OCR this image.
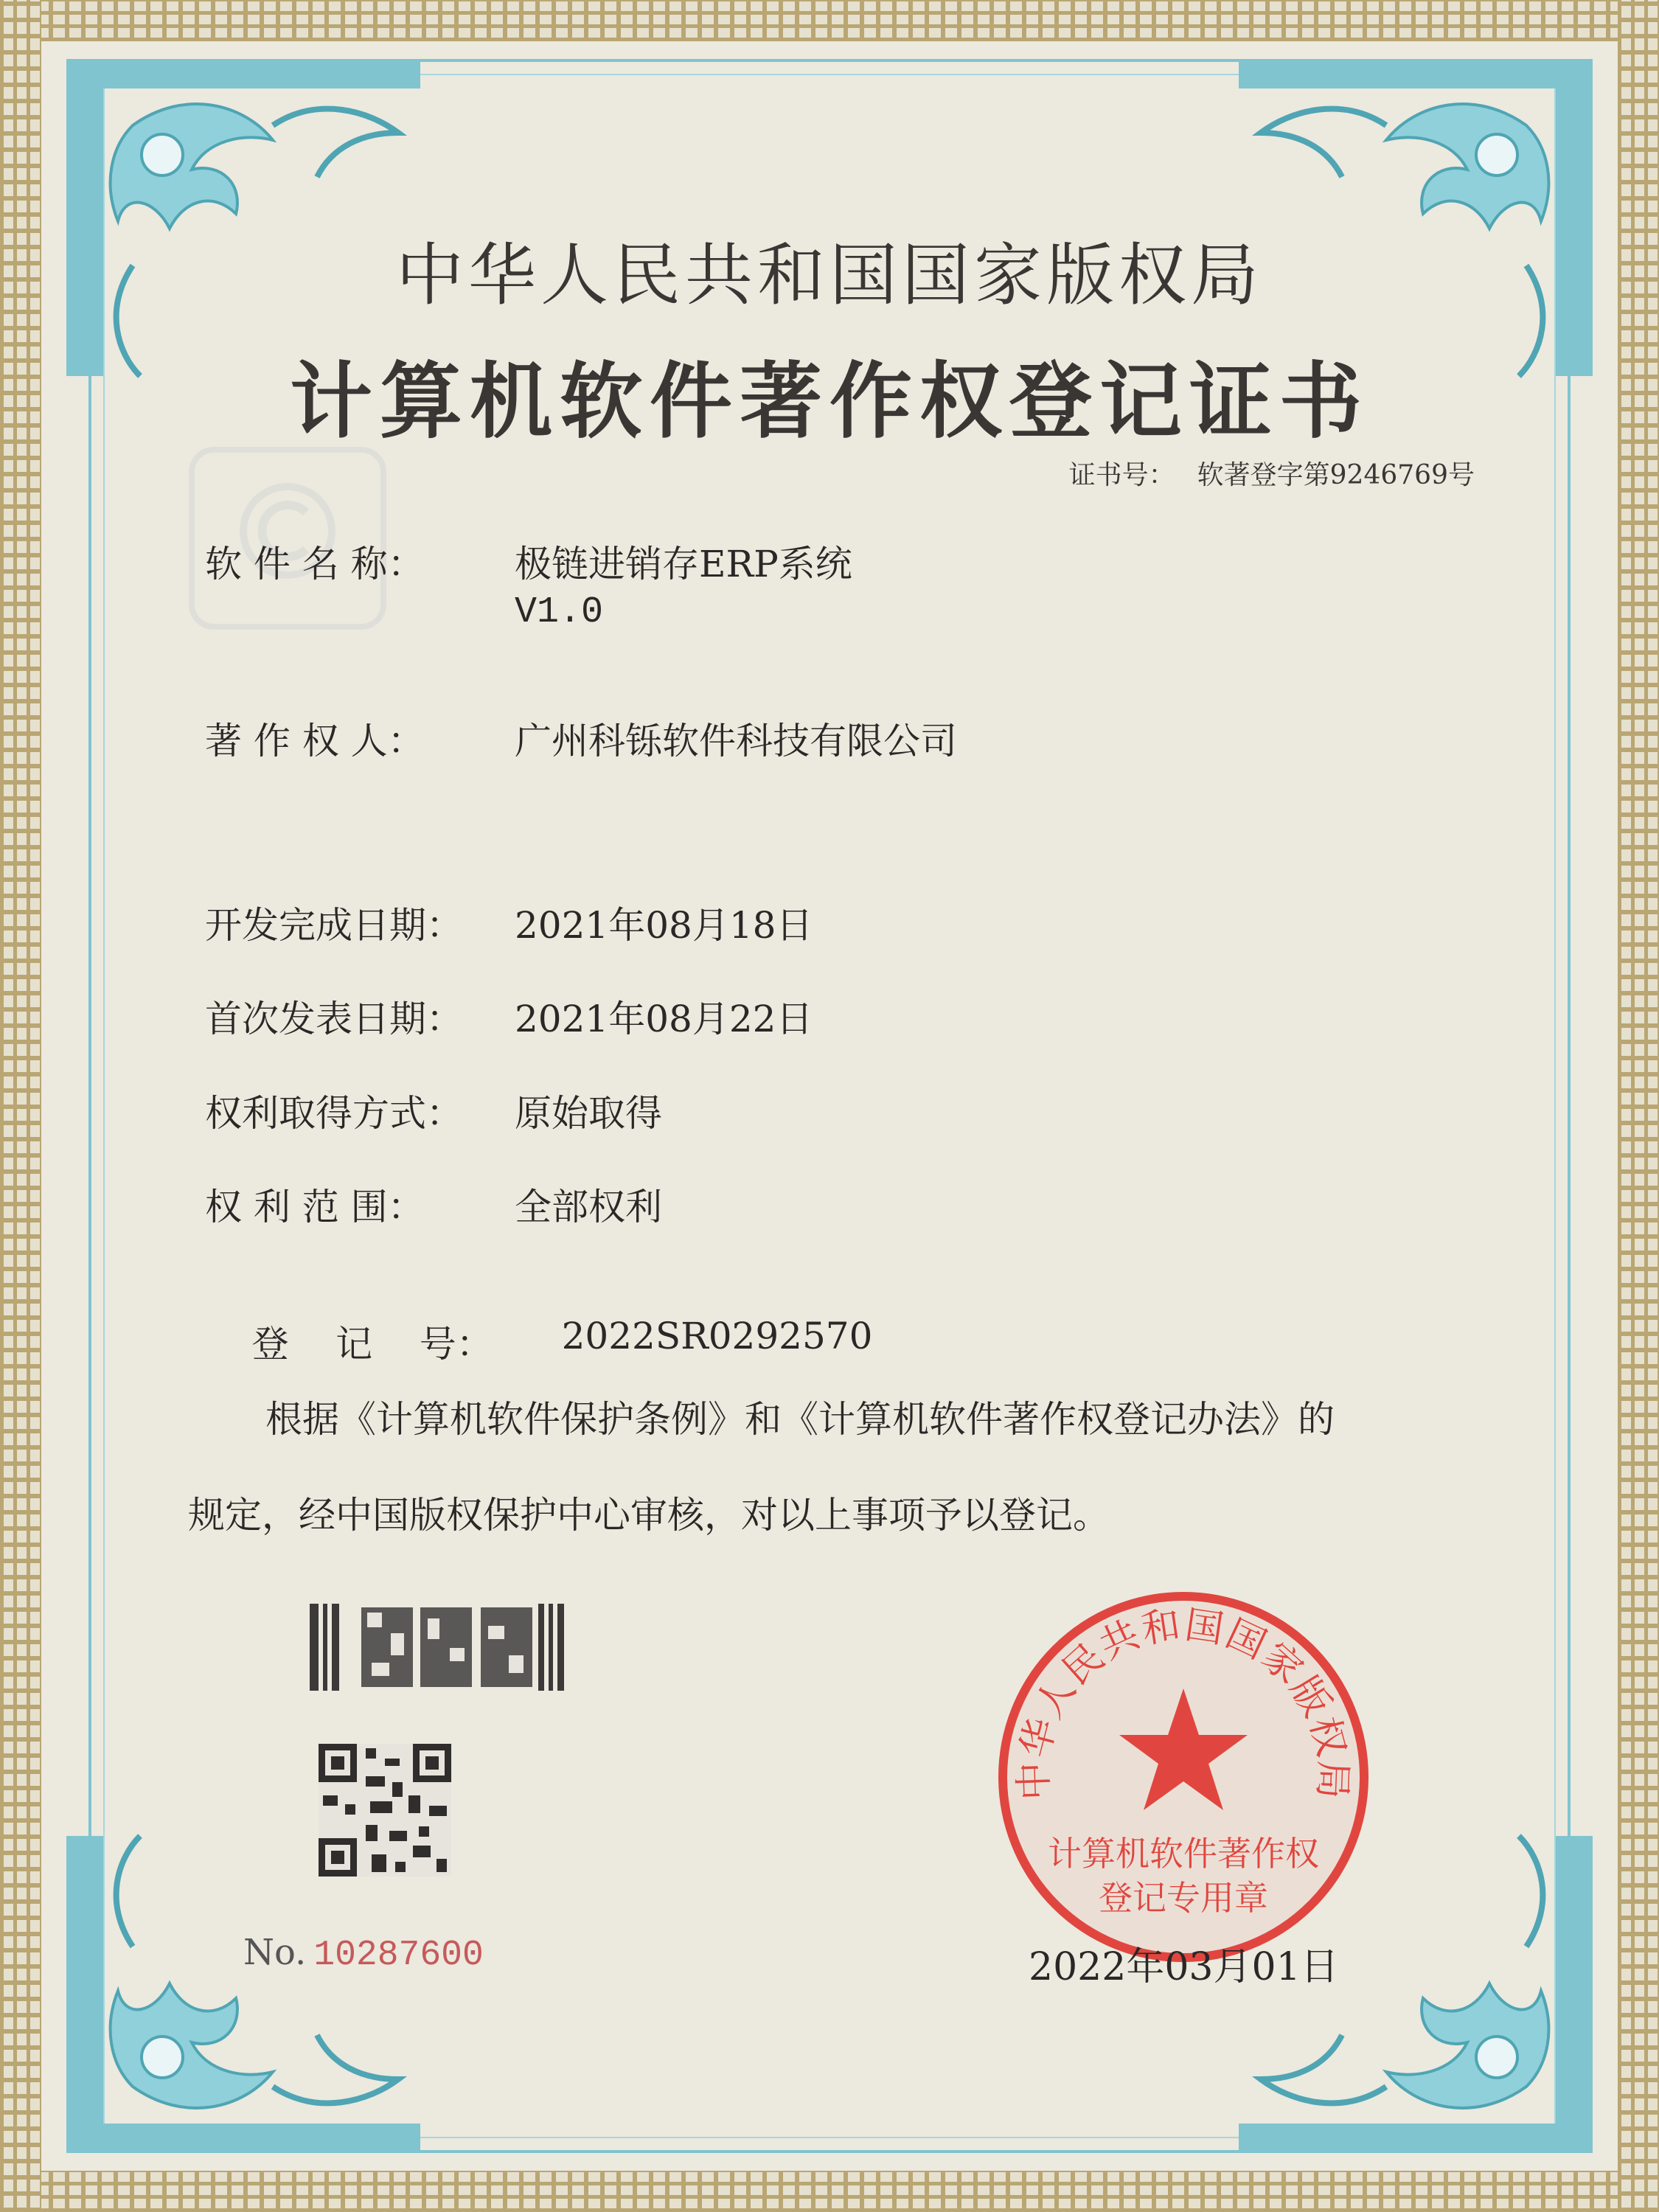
中华人民共和国国家版权局
计算机软件著作权登记证书
证书号： 软著登字第9246769号
软 件 名 称： 极链进销存ERP系统
V1.0
著 作 权 人： 广州科铄软件科技有限公司
开发完成日期： 2021年08月18日
首次发表日期： 2021年08月22日
权利取得方式： 原始取得
权 利 范 围： 全部权利

登    记    号： 2022SR0292570

根据《计算机软件保护条例》和《计算机软件著作权登记办法》的
规定，经中国版权保护中心审核，对以上事项予以登记。
No. 10287600
中华人民共和国国家版权局
计算机软件著作权
登记专用章
2022年03月01日
